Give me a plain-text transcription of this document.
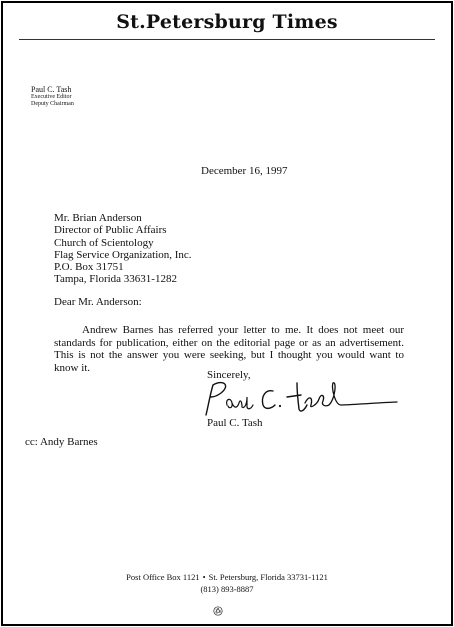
St.Petersburg Times
Paul C. Tash
Executive Editor
Deputy Chairman
December 16, 1997
Mr. Brian Anderson
Director of Public Affairs
Church of Scientology
Flag Service Organization, Inc.
P.O. Box 31751
Tampa, Florida 33631-1282
Dear Mr. Anderson:
Andrew Barnes has referred your letter to me. It does not meet our standards for publication, either on the editorial page or as an advertisement. This is not the answer you were seeking, but I thought you would want to know it.
Sincerely,
Paul C. Tash
cc: Andy Barnes
Post Office Box 1121 • St. Petersburg, Florida 33731-1121
(813) 893-8887
